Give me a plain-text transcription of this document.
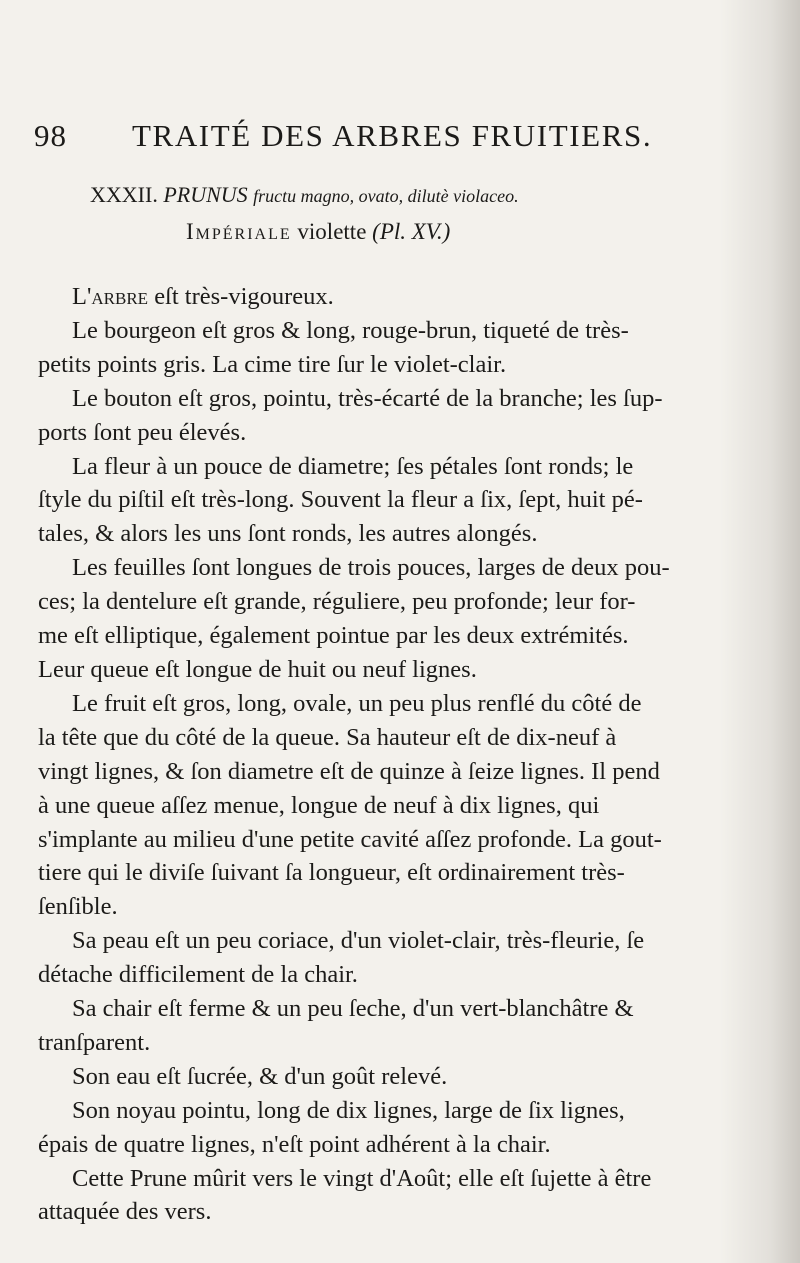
98 TRAITÉ DES ARBRES FRUITIERS.
XXXII. PRUNUS fructu magno, ovato, dilutè violaceo.
Impériale violette (Pl. XV.)

L'arbre eſt très-vigoureux.

Le bourgeon eſt gros & long, rouge-brun, tiqueté de très-
petits points gris. La cime tire ſur le violet-clair.

Le bouton eſt gros, pointu, très-écarté de la branche; les ſup-
ports ſont peu élevés.

La fleur à un pouce de diametre; ſes pétales ſont ronds; le
ſtyle du piſtil eſt très-long. Souvent la fleur a ſix, ſept, huit pé-
tales, & alors les uns ſont ronds, les autres alongés.

Les feuilles ſont longues de trois pouces, larges de deux pou-
ces; la dentelure eſt grande, réguliere, peu profonde; leur for-
me eſt elliptique, également pointue par les deux extrémités.
Leur queue eſt longue de huit ou neuf lignes.

Le fruit eſt gros, long, ovale, un peu plus renflé du côté de
la tête que du côté de la queue. Sa hauteur eſt de dix-neuf à
vingt lignes, & ſon diametre eſt de quinze à ſeize lignes. Il pend
à une queue aſſez menue, longue de neuf à dix lignes, qui
s'implante au milieu d'une petite cavité aſſez profonde. La gout-
tiere qui le diviſe ſuivant ſa longueur, eſt ordinairement très-
ſenſible.

Sa peau eſt un peu coriace, d'un violet-clair, très-fleurie, ſe
détache difficilement de la chair.

Sa chair eſt ferme & un peu ſeche, d'un vert-blanchâtre &
tranſparent.

Son eau eſt ſucrée, & d'un goût relevé.

Son noyau pointu, long de dix lignes, large de ſix lignes,
épais de quatre lignes, n'eſt point adhérent à la chair.

Cette Prune mûrit vers le vingt d'Août; elle eſt ſujette à être
attaquée des vers.
